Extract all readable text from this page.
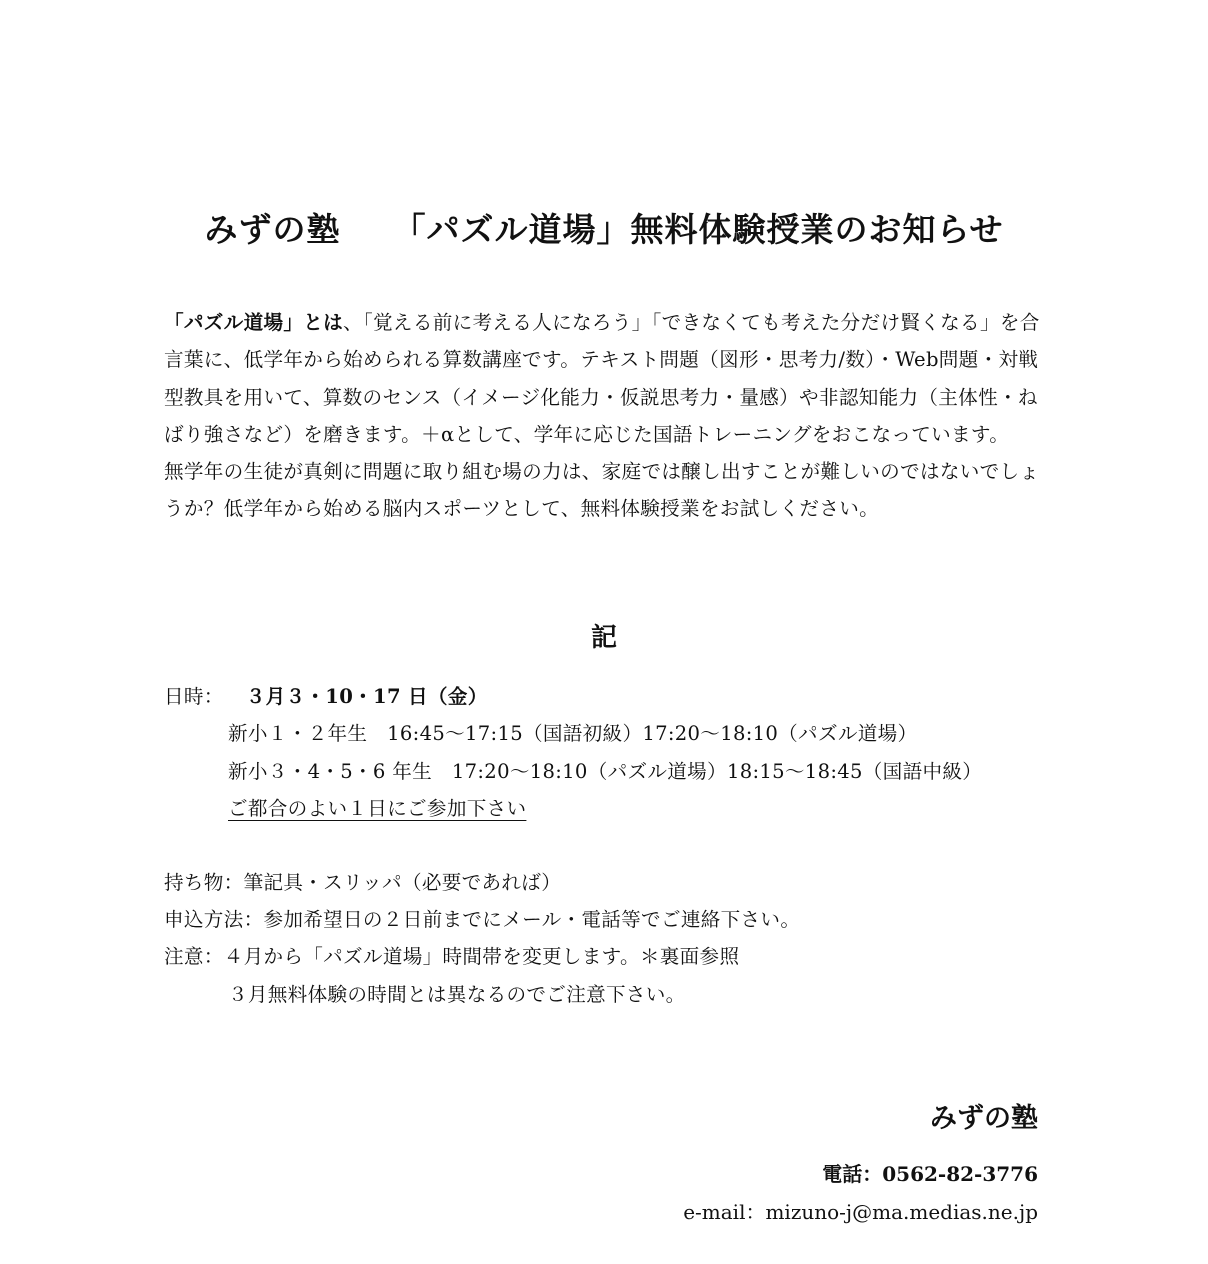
みずの塾 「パズル道場」無料体験授業のお知らせ

「パズル道場」とは、「覚える前に考える人になろう」「できなくても考えた分だけ賢くなる」を合言葉に、低学年から始められる算数講座です。テキスト問題（図形・思考力/数）・Web問題・対戦型教具を用いて、算数のセンス（イメージ化能力・仮説思考力・量感）や非認知能力（主体性・ねばり強さなど）を磨きます。＋αとして、学年に応じた国語トレーニングをおこなっています。

無学年の生徒が真剣に問題に取り組む場の力は、家庭では醸し出すことが難しいのではないでしょうか？低学年から始める脳内スポーツとして、無料体験授業をお試しください。

記
日時： ３月３・10・17 日（金）
新小１・２年生　16:45～17:15（国語初級）17:20～18:10（パズル道場）
新小３・4・5・6 年生　17:20～18:10（パズル道場）18:15～18:45（国語中級）
ご都合のよい１日にご参加下さい
持ち物：筆記具・スリッパ（必要であれば）
申込方法：参加希望日の２日前までにメール・電話等でご連絡下さい。
注意：４月から「パズル道場」時間帯を変更します。＊裏面参照
３月無料体験の時間とは異なるのでご注意下さい。
みずの塾
電話：0562-82-3776
e-mail：mizuno-j@ma.medias.ne.jp
